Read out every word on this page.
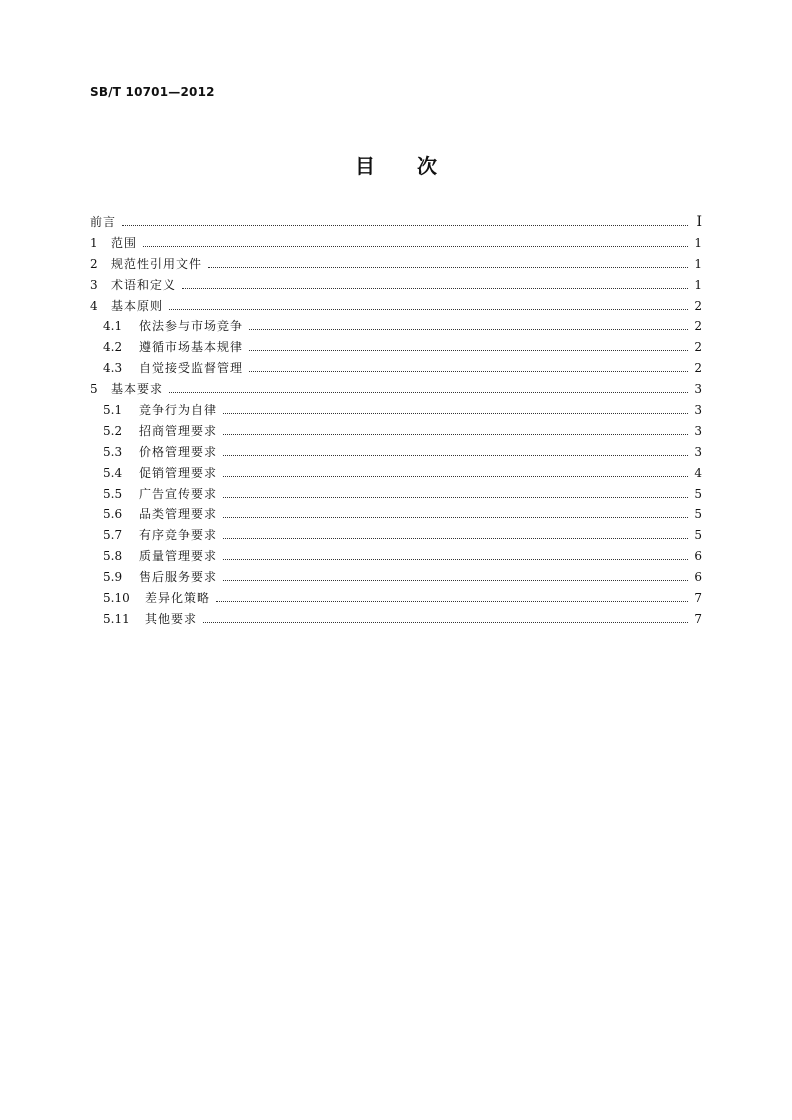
SB/T 10701—2012
目 次
前言	I
1	范围	1
2	规范性引用文件	1
3	术语和定义	1
4	基本原则	2
4.1	依法参与市场竞争	2
4.2	遵循市场基本规律	2
4.3	自觉接受监督管理	2
5	基本要求	3
5.1	竞争行为自律	3
5.2	招商管理要求	3
5.3	价格管理要求	3
5.4	促销管理要求	4
5.5	广告宣传要求	5
5.6	品类管理要求	5
5.7	有序竞争要求	5
5.8	质量管理要求	6
5.9	售后服务要求	6
5.10	差异化策略	7
5.11	其他要求	7
